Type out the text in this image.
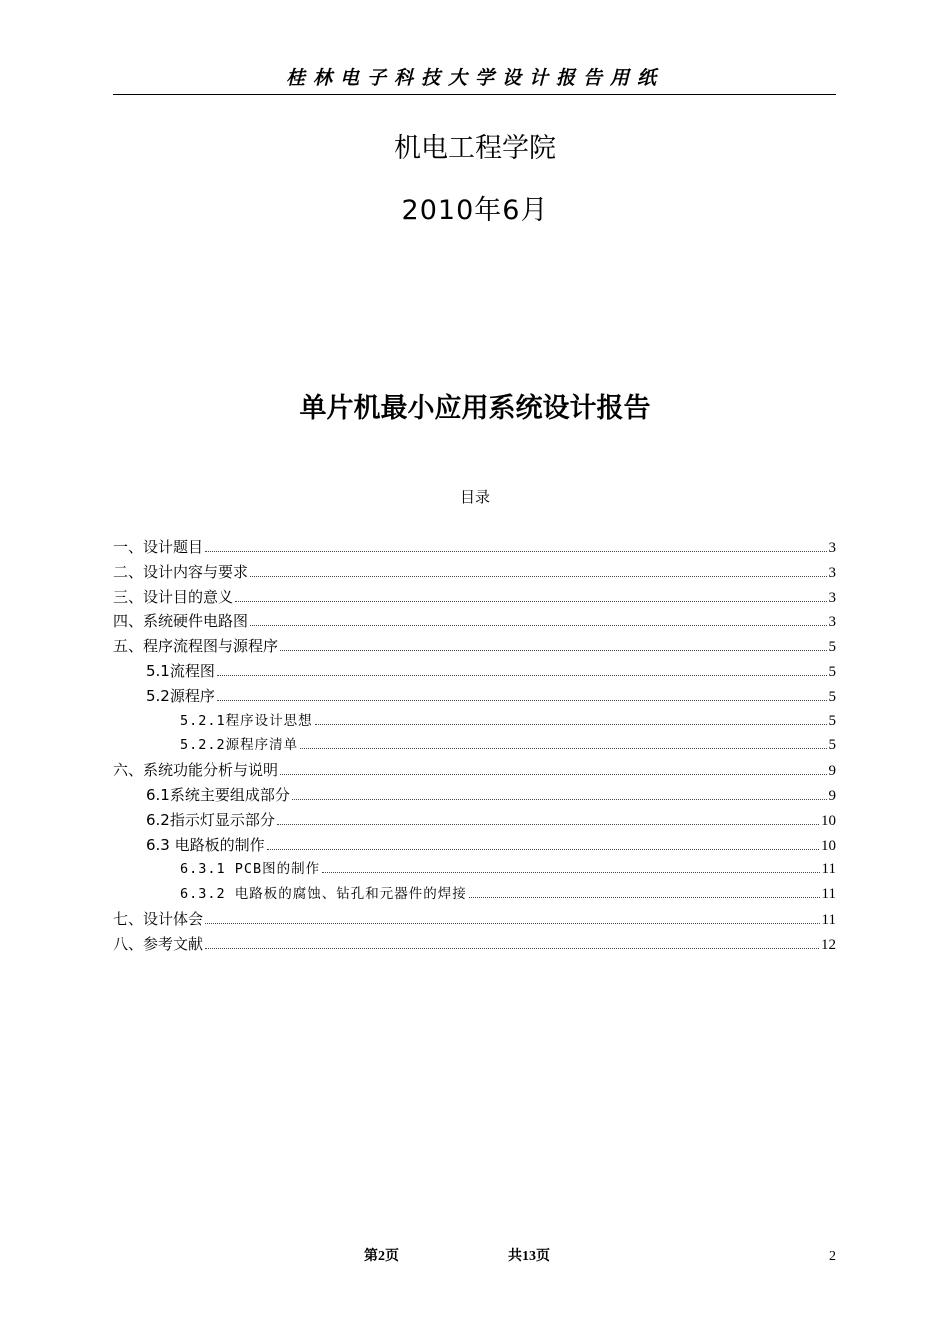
桂林电子科技大学设计报告用纸
机电工程学院
2010年6月
单片机最小应用系统设计报告
目录
一、设计题目	3
二、设计内容与要求	3
三、设计目的意义	3
四、系统硬件电路图	3
五、程序流程图与源程序	5
5.1流程图	5
5.2源程序	5
5.2.1程序设计思想	5
5.2.2源程序清单	5
六、系统功能分析与说明	9
6.1系统主要组成部分	9
6.2指示灯显示部分	10
6.3 电路板的制作	10
6.3.1 PCB图的制作	11
6.3.2 电路板的腐蚀、钻孔和元器件的焊接	11
七、设计体会	11
八、参考文献	12
第2页	共13页	2
